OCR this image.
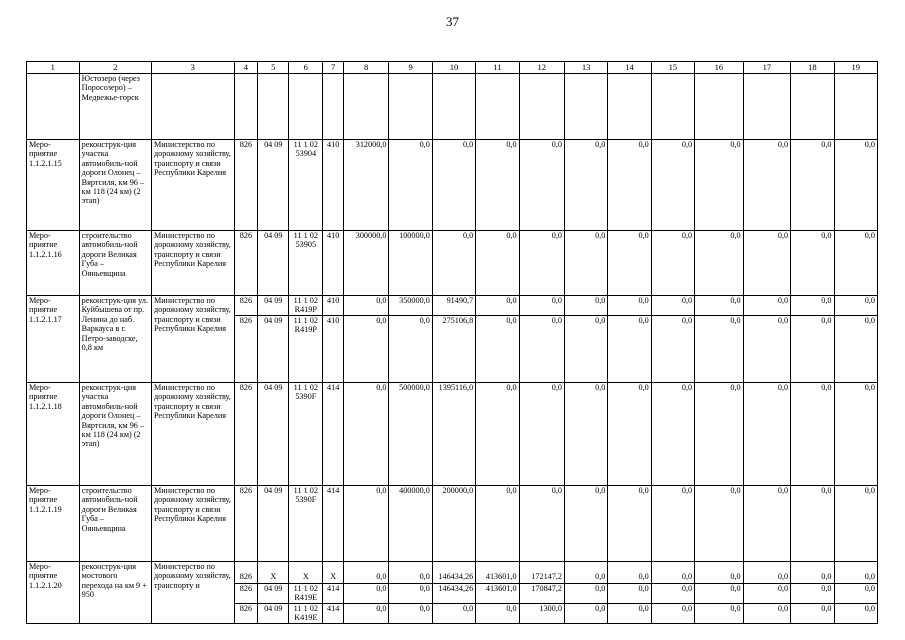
37
1	2	3	4	5	6	7	8	9	10	11	12	13	14	15	16	17	18	19
	Юстозеро (через Поросозеро) – Медвежье-горск																	
Меро-приятие 1.1.2.1.15	реконструк-ция участка автомобиль-ной дороги Олонец – Вяртсиля, км 96 – км 118 (24 км) (2 этап)	Министерство по дорожному хозяйству, транспорту и связи Республики Карелия	826	04 09	11 1 02 53904	410	312000,0	0,0	0,0	0,0	0,0	0,0	0,0	0,0	0,0	0,0	0,0	0,0
Меро-приятие 1.1.2.1.16	строительство автомобиль-ной дороги Великая Губа – Ояньевщина	Министерство по дорожному хозяйству, транспорту и связи Республики Карелия	826	04 09	11 1 02 53905	410	300000,0	100000,0	0,0	0,0	0,0	0,0	0,0	0,0	0,0	0,0	0,0	0,0
Меро-приятие 1.1.2.1.17	реконструк-ция ул. Куйбышева от пр. Ленина до наб. Варкауса в г. Петро-заводске, 0,8 км	Министерство по дорожному хозяйству, транспорту и связи Республики Карелия	826	04 09	11 1 02 R419P	410	0,0	350000,0	91490,7	0,0	0,0	0,0	0,0	0,0	0,0	0,0	0,0	0,0
			826	04 09	11 1 02 R419P	410	0,0	0,0	275106,8	0,0	0,0	0,0	0,0	0,0	0,0	0,0	0,0	0,0
Меро-приятие 1.1.2.1.18	реконструк-ция участка автомобиль-ной дороги Олонец – Вяртсиля, км 96 – км 118 (24 км) (2 этап)	Министерство по дорожному хозяйству, транспорту и связи Республики Карелия	826	04 09	11 1 02 5390F	414	0,0	500000,0	1395116,0	0,0	0,0	0,0	0,0	0,0	0,0	0,0	0,0	0,0
Меро-приятие 1.1.2.1.19	строительство автомобиль-ной дороги Великая Губа – Ояньевщина	Министерство по дорожному хозяйству, транспорту и связи Республики Карелия	826	04 09	11 1 02 5390F	414	0,0	400000,0	200000,0	0,0	0,0	0,0	0,0	0,0	0,0	0,0	0,0	0,0
Меро-приятие 1.1.2.1.20	реконструк-ция мостового перехода на км 9 + 950	Министерство по дорожному хозяйству, транспорту и	826	Х	Х	Х	0,0	0,0	146434,26	413601,0	172147,2	0,0	0,0	0,0	0,0	0,0	0,0	0,0
			826	04 09	11 1 02 R419E	414	0,0	0,0	146434,26	413601,0	170847,2	0,0	0,0	0,0	0,0	0,0	0,0	0,0
			826	04 09	11 1 02 K419E	414	0,0	0,0	0,0	0,0	1300,0	0,0	0,0	0,0	0,0	0,0	0,0	0,0
